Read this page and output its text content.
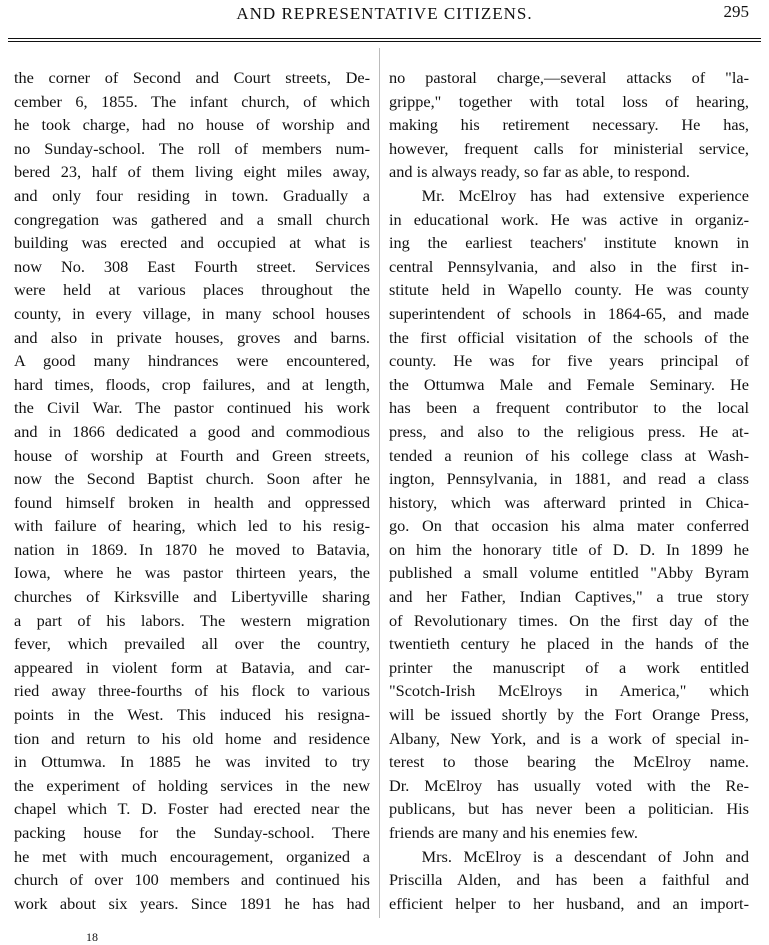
AND REPRESENTATIVE CITIZENS.	295
the corner of Second and Court streets, De-
cember 6, 1855. The infant church, of which
he took charge, had no house of worship and
no Sunday-school. The roll of members num-
bered 23, half of them living eight miles away,
and only four residing in town. Gradually a
congregation was gathered and a small church
building was erected and occupied at what is
now No. 308 East Fourth street. Services
were held at various places throughout the
county, in every village, in many school houses
and also in private houses, groves and barns.
A good many hindrances were encountered,
hard times, floods, crop failures, and at length,
the Civil War. The pastor continued his work
and in 1866 dedicated a good and commodious
house of worship at Fourth and Green streets,
now the Second Baptist church. Soon after he
found himself broken in health and oppressed
with failure of hearing, which led to his resig-
nation in 1869. In 1870 he moved to Batavia,
Iowa, where he was pastor thirteen years, the
churches of Kirksville and Libertyville sharing
a part of his labors. The western migration
fever, which prevailed all over the country,
appeared in violent form at Batavia, and car-
ried away three-fourths of his flock to various
points in the West. This induced his resigna-
tion and return to his old home and residence
in Ottumwa. In 1885 he was invited to try
the experiment of holding services in the new
chapel which T. D. Foster had erected near the
packing house for the Sunday-school. There
he met with much encouragement, organized a
church of over 100 members and continued his
work about six years. Since 1891 he has had
no pastoral charge,—several attacks of "la-
grippe," together with total loss of hearing,
making his retirement necessary. He has,
however, frequent calls for ministerial service,
and is always ready, so far as able, to respond.
Mr. McElroy has had extensive experience
in educational work. He was active in organiz-
ing the earliest teachers' institute known in
central Pennsylvania, and also in the first in-
stitute held in Wapello county. He was county
superintendent of schools in 1864-65, and made
the first official visitation of the schools of the
county. He was for five years principal of
the Ottumwa Male and Female Seminary. He
has been a frequent contributor to the local
press, and also to the religious press. He at-
tended a reunion of his college class at Wash-
ington, Pennsylvania, in 1881, and read a class
history, which was afterward printed in Chica-
go. On that occasion his alma mater conferred
on him the honorary title of D. D. In 1899 he
published a small volume entitled "Abby Byram
and her Father, Indian Captives," a true story
of Revolutionary times. On the first day of the
twentieth century he placed in the hands of the
printer the manuscript of a work entitled
"Scotch-Irish McElroys in America," which
will be issued shortly by the Fort Orange Press,
Albany, New York, and is a work of special in-
terest to those bearing the McElroy name.
Dr. McElroy has usually voted with the Re-
publicans, but has never been a politician. His
friends are many and his enemies few.
Mrs. McElroy is a descendant of John and
Priscilla Alden, and has been a faithful and
efficient helper to her husband, and an import-
18
